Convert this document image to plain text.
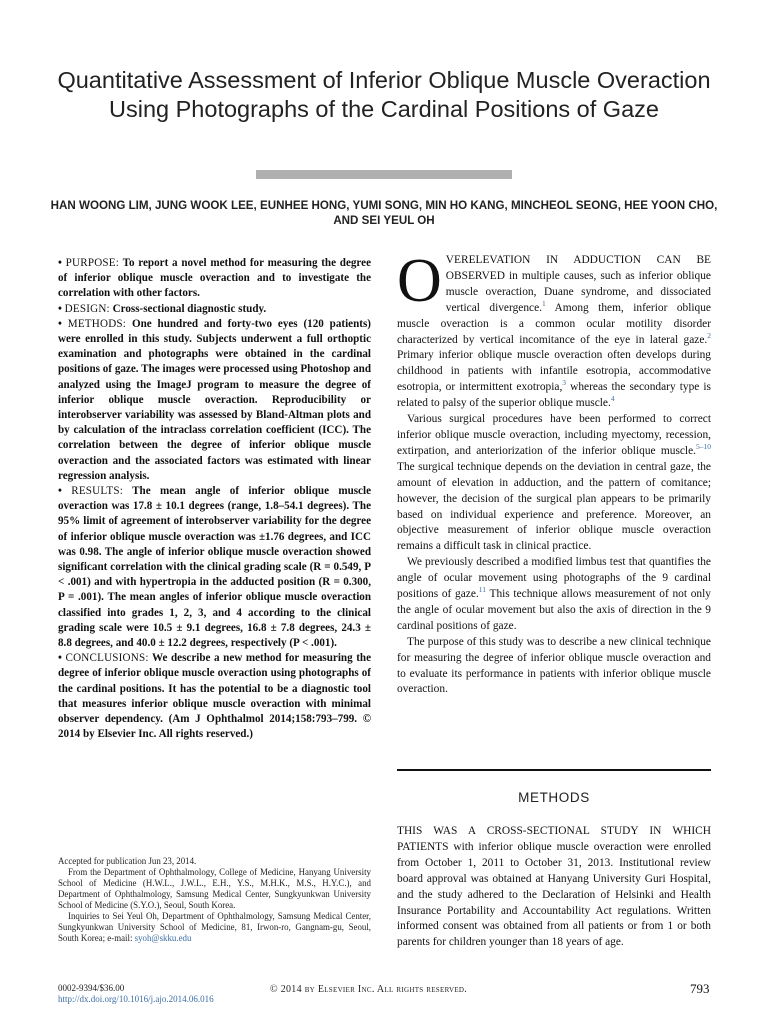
Quantitative Assessment of Inferior Oblique Muscle Overaction Using Photographs of the Cardinal Positions of Gaze
HAN WOONG LIM, JUNG WOOK LEE, EUNHEE HONG, YUMI SONG, MIN HO KANG, MINCHEOL SEONG, HEE YOON CHO, AND SEI YEUL OH

• PURPOSE: To report a novel method for measuring the degree of inferior oblique muscle overaction and to investigate the correlation with other factors.

• DESIGN: Cross-sectional diagnostic study.

• METHODS: One hundred and forty-two eyes (120 patients) were enrolled in this study. Subjects underwent a full orthoptic examination and photographs were obtained in the cardinal positions of gaze. The images were processed using Photoshop and analyzed using the ImageJ program to measure the degree of inferior oblique muscle overaction. Reproducibility or interobserver variability was assessed by Bland-Altman plots and by calculation of the intraclass correlation coefficient (ICC). The correlation between the degree of inferior oblique muscle overaction and the associated factors was estimated with linear regression analysis.

• RESULTS: The mean angle of inferior oblique muscle overaction was 17.8 ± 10.1 degrees (range, 1.8–54.1 degrees). The 95% limit of agreement of interobserver variability for the degree of inferior oblique muscle overaction was ±1.76 degrees, and ICC was 0.98. The angle of inferior oblique muscle overaction showed significant correlation with the clinical grading scale (R = 0.549, P < .001) and with hypertropia in the adducted position (R = 0.300, P = .001). The mean angles of inferior oblique muscle overaction classified into grades 1, 2, 3, and 4 according to the clinical grading scale were 10.5 ± 9.1 degrees, 16.8 ± 7.8 degrees, 24.3 ± 8.8 degrees, and 40.0 ± 12.2 degrees, respectively (P < .001).

• CONCLUSIONS: We describe a new method for measuring the degree of inferior oblique muscle overaction using photographs of the cardinal positions. It has the potential to be a diagnostic tool that measures inferior oblique muscle overaction with minimal observer dependency. (Am J Ophthalmol 2014;158:793–799. © 2014 by Elsevier Inc. All rights reserved.)

Accepted for publication Jun 23, 2014.

From the Department of Ophthalmology, College of Medicine, Hanyang University School of Medicine (H.W.L., J.W.L., E.H., Y.S., M.H.K., M.S., H.Y.C.), and Department of Ophthalmology, Samsung Medical Center, Sungkyunkwan University School of Medicine (S.Y.O.), Seoul, South Korea.

Inquiries to Sei Yeul Oh, Department of Ophthalmology, Samsung Medical Center, Sungkyunkwan University School of Medicine, 81, Irwon-ro, Gangnam-gu, Seoul, South Korea; e-mail: syoh@skku.edu

OVERELEVATION IN ADDUCTION CAN BE OBSERVED in multiple causes, such as inferior oblique muscle overaction, Duane syndrome, and dissociated vertical divergence.$^1$ Among them, inferior oblique muscle overaction is a common ocular motility disorder characterized by vertical incomitance of the eye in lateral gaze.$^2$ Primary inferior oblique muscle overaction often develops during childhood in patients with infantile esotropia, accommodative esotropia, or intermittent exotropia,$^3$ whereas the secondary type is related to palsy of the superior oblique muscle.$^4$

Various surgical procedures have been performed to correct inferior oblique muscle overaction, including myectomy, recession, extirpation, and anteriorization of the inferior oblique muscle.$^{5-10}$ The surgical technique depends on the deviation in central gaze, the amount of elevation in adduction, and the pattern of comitance; however, the decision of the surgical plan appears to be primarily based on individual experience and preference. Moreover, an objective measurement of inferior oblique muscle overaction remains a difficult task in clinical practice.

We previously described a modified limbus test that quantifies the angle of ocular movement using photographs of the 9 cardinal positions of gaze.$^{11}$ This technique allows measurement of not only the angle of ocular movement but also the axis of direction in the 9 cardinal positions of gaze.

The purpose of this study was to describe a new clinical technique for measuring the degree of inferior oblique muscle overaction and to evaluate its performance in patients with inferior oblique muscle overaction.

METHODS

THIS WAS A CROSS-SECTIONAL STUDY IN WHICH PATIENTS with inferior oblique muscle overaction were enrolled from October 1, 2011 to October 31, 2013. Institutional review board approval was obtained at Hanyang University Guri Hospital, and the study adhered to the Declaration of Helsinki and Health Insurance Portability and Accountability Act regulations. Written informed consent was obtained from all patients or from 1 or both parents for children younger than 18 years of age.

0002-9394/$36.00
http://dx.doi.org/10.1016/j.ajo.2014.06.016
© 2014 by Elsevier Inc. All rights reserved.	793
